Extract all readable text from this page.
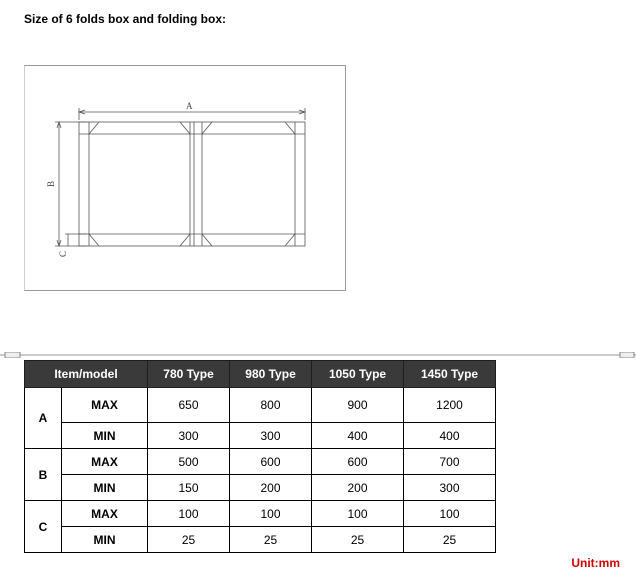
Size of 6 folds box and folding box:
A
B
C
Item/model		780 Type	980 Type	1050 Type	1450 Type
A	MAX	650	800	900	1200
	MIN	300	300	400	400
B	MAX	500	600	600	700
	MIN	150	200	200	300
C	MAX	100	100	100	100
	MIN	25	25	25	25
Unit:mm
